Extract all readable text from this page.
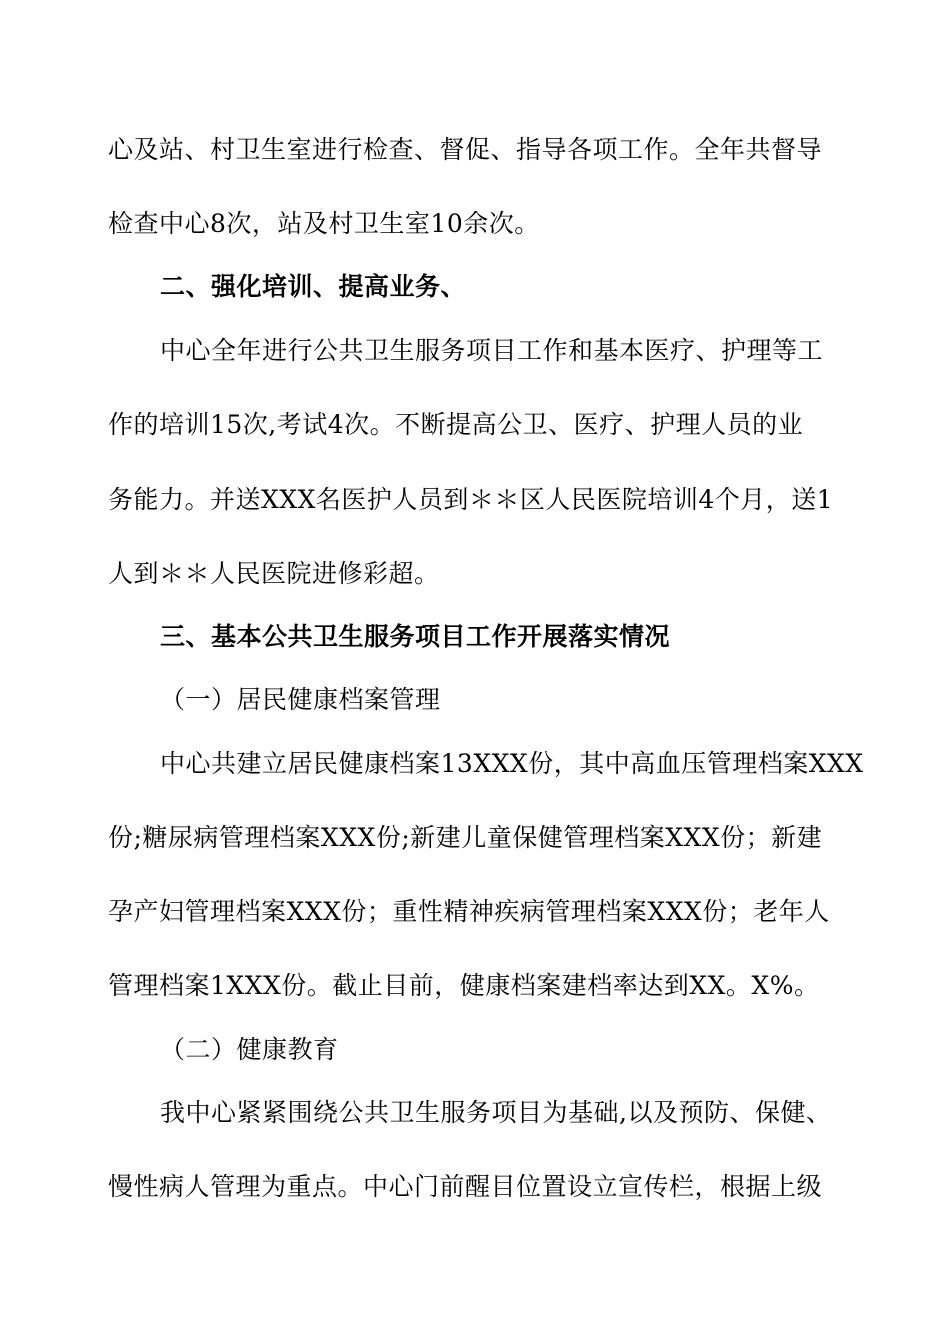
心及站、村卫生室进行检查、督促、指导各项工作。全年共督导
检查中心8次，站及村卫生室10余次。
二、强化培训、提高业务、
中心全年进行公共卫生服务项目工作和基本医疗、护理等工
作的培训15次,考试4次。不断提高公卫、医疗、护理人员的业
务能力。并送XXX名医护人员到＊＊区人民医院培训4个月，送1
人到＊＊人民医院进修彩超。
三、基本公共卫生服务项目工作开展落实情况
（一）居民健康档案管理
中心共建立居民健康档案13XXX份，其中高血压管理档案XXX
份;糖尿病管理档案XXX份;新建儿童保健管理档案XXX份；新建
孕产妇管理档案XXX份；重性精神疾病管理档案XXX份；老年人
管理档案1XXX份。截止目前，健康档案建档率达到XX。X%。
（二）健康教育
我中心紧紧围绕公共卫生服务项目为基础,以及预防、保健、
慢性病人管理为重点。中心门前醒目位置设立宣传栏，根据上级
